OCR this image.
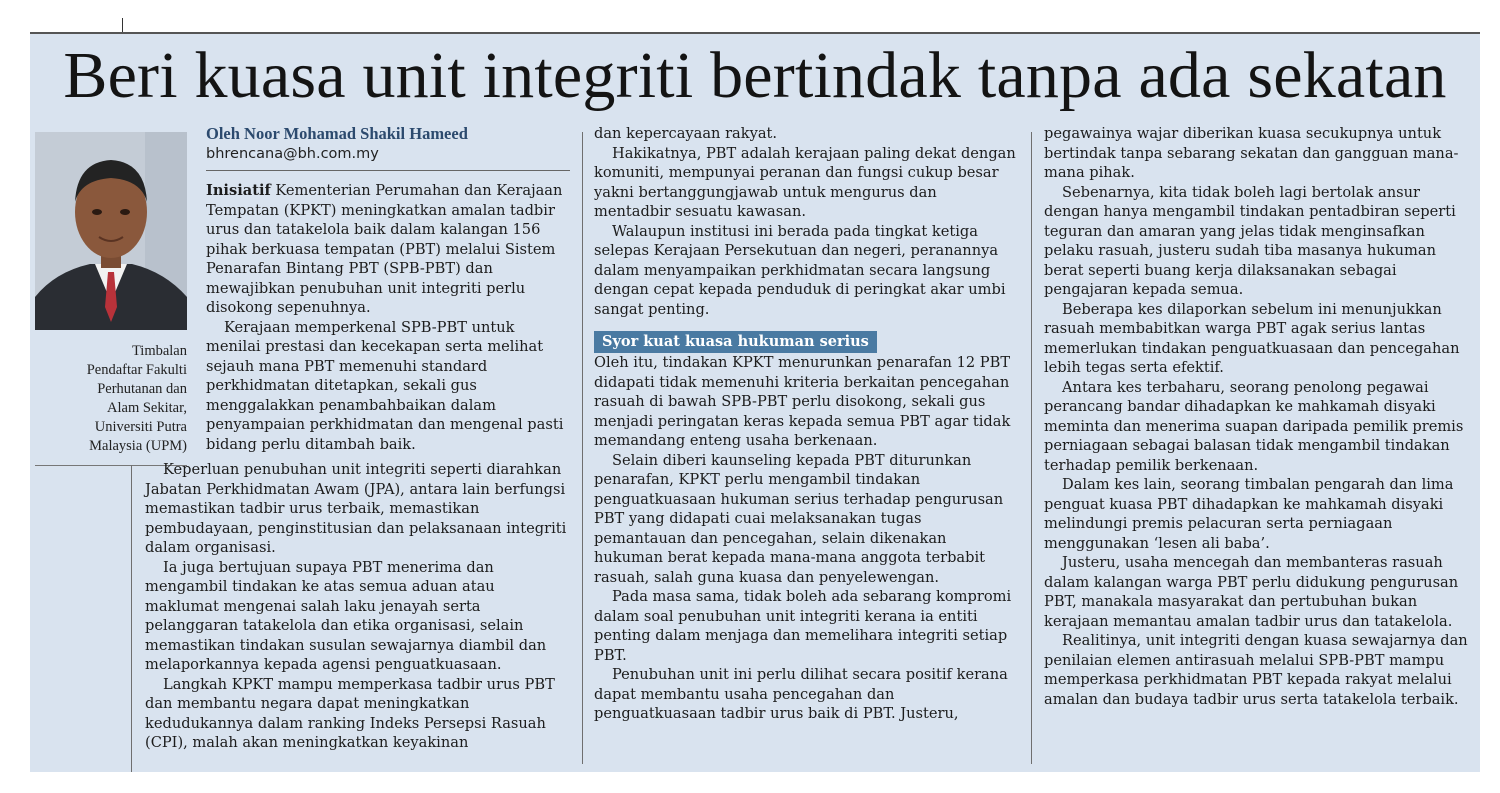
Beri kuasa unit integriti bertindak tanpa ada sekatan
Timbalan
Pendaftar Fakulti
Perhutanan dan
Alam Sekitar,
Universiti Putra
Malaysia (UPM)
Oleh Noor Mohamad Shakil Hameed
bhrencana@bh.com.my

Inisiatif Kementerian Perumahan dan Kerajaan Tempatan (KPKT) meningkatkan amalan tadbir urus dan tatakelola baik dalam kalangan 156 pihak berkuasa tempatan (PBT) melalui Sistem Penarafan Bintang PBT (SPB-PBT) dan mewajibkan penubuhan unit integriti perlu disokong sepenuhnya.

Kerajaan memperkenal SPB-PBT untuk menilai prestasi dan kecekapan serta melihat sejauh mana PBT memenuhi standard perkhidmatan ditetapkan, sekali gus menggalakkan penambahbaikan dalam penyampaian perkhidmatan dan mengenal pasti bidang perlu ditambah baik.

Keperluan penubuhan unit integriti seperti diarahkan Jabatan Perkhidmatan Awam (JPA), antara lain berfungsi memastikan tadbir urus terbaik, memastikan pembudayaan, penginstitusian dan pelaksanaan integriti dalam organisasi.

Ia juga bertujuan supaya PBT menerima dan mengambil tindakan ke atas semua aduan atau maklumat mengenai salah laku jenayah serta pelanggaran tatakelola dan etika organisasi, selain memastikan tindakan susulan sewajarnya diambil dan melaporkannya kepada agensi penguatkuasaan.

Langkah KPKT mampu memperkasa tadbir urus PBT dan membantu negara dapat meningkatkan kedudukannya dalam ranking Indeks Persepsi Rasuah (CPI), malah akan meningkatkan keyakinan

dan kepercayaan rakyat.

Hakikatnya, PBT adalah kerajaan paling dekat dengan komuniti, mempunyai peranan dan fungsi cukup besar yakni bertanggungjawab untuk mengurus dan mentadbir sesuatu kawasan.

Walaupun institusi ini berada pada tingkat ketiga selepas Kerajaan Persekutuan dan negeri, peranannya dalam menyampaikan perkhidmatan secara langsung dengan cepat kepada penduduk di peringkat akar umbi sangat penting.

Syor kuat kuasa hukuman serius

Oleh itu, tindakan KPKT menurunkan penarafan 12 PBT didapati tidak memenuhi kriteria berkaitan pencegahan rasuah di bawah SPB-PBT perlu disokong, sekali gus menjadi peringatan keras kepada semua PBT agar tidak memandang enteng usaha berkenaan.

Selain diberi kaunseling kepada PBT diturunkan penarafan, KPKT perlu mengambil tindakan penguatkuasaan hukuman serius terhadap pengurusan PBT yang didapati cuai melaksanakan tugas pemantauan dan pencegahan, selain dikenakan hukuman berat kepada mana-mana anggota terbabit rasuah, salah guna kuasa dan penyelewengan.

Pada masa sama, tidak boleh ada sebarang kompromi dalam soal penubuhan unit integriti kerana ia entiti penting dalam menjaga dan memelihara integriti setiap PBT.

Penubuhan unit ini perlu dilihat secara positif kerana dapat membantu usaha pencegahan dan penguatkuasaan tadbir urus baik di PBT. Justeru,

pegawainya wajar diberikan kuasa secukupnya untuk bertindak tanpa sebarang sekatan dan gangguan mana-mana pihak.

Sebenarnya, kita tidak boleh lagi bertolak ansur dengan hanya mengambil tindakan pentadbiran seperti teguran dan amaran yang jelas tidak menginsafkan pelaku rasuah, justeru sudah tiba masanya hukuman berat seperti buang kerja dilaksanakan sebagai pengajaran kepada semua.

Beberapa kes dilaporkan sebelum ini menunjukkan rasuah membabitkan warga PBT agak serius lantas memerlukan tindakan penguatkuasaan dan pencegahan lebih tegas serta efektif.

Antara kes terbaharu, seorang penolong pegawai perancang bandar dihadapkan ke mahkamah disyaki meminta dan menerima suapan daripada pemilik premis perniagaan sebagai balasan tidak mengambil tindakan terhadap pemilik berkenaan.

Dalam kes lain, seorang timbalan pengarah dan lima penguat kuasa PBT dihadapkan ke mahkamah disyaki melindungi premis pelacuran serta perniagaan menggunakan ‘lesen ali baba’.

Justeru, usaha mencegah dan membanteras rasuah dalam kalangan warga PBT perlu didukung pengurusan PBT, manakala masyarakat dan pertubuhan bukan kerajaan memantau amalan tadbir urus dan tatakelola.

Realitinya, unit integriti dengan kuasa sewajarnya dan penilaian elemen antirasuah melalui SPB-PBT mampu memperkasa perkhidmatan PBT kepada rakyat melalui amalan dan budaya tadbir urus serta tatakelola terbaik.
